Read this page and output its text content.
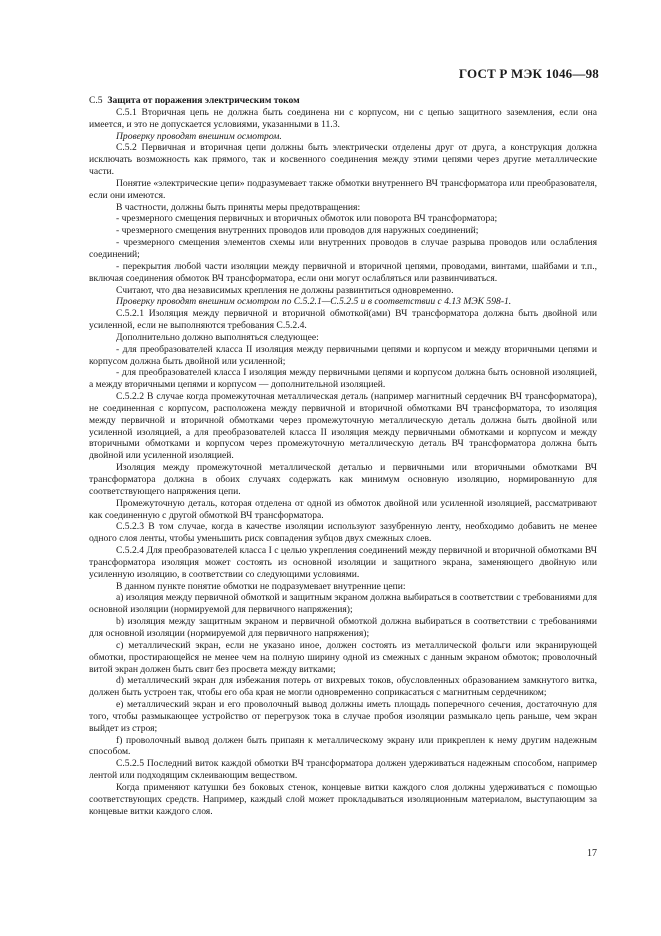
ГОСТ Р МЭК 1046—98

C.5 Защита от поражения электрическим током

C.5.1 Вторичная цепь не должна быть соединена ни с корпусом, ни с цепью защитного заземления, если она имеется, и это не допускается условиями, указанными в 11.3.

Проверку проводят внешним осмотром.

C.5.2 Первичная и вторичная цепи должны быть электрически отделены друг от друга, а конструкция должна исключать возможность как прямого, так и косвенного соединения между этими цепями через другие металлические части.

Понятие «электрические цепи» подразумевает также обмотки внутреннего ВЧ трансформатора или преобразователя, если они имеются.

В частности, должны быть приняты меры предотвращения:

- чрезмерного смещения первичных и вторичных обмоток или поворота ВЧ трансформатора;

- чрезмерного смещения внутренних проводов или проводов для наружных соединений;

- чрезмерного смещения элементов схемы или внутренних проводов в случае разрыва проводов или ослабления соединений;

- перекрытия любой части изоляции между первичной и вторичной цепями, проводами, винтами, шайбами и т.п., включая соединения обмоток ВЧ трансформатора, если они могут ослабляться или развинчиваться.

Считают, что два независимых крепления не должны развинтиться одновременно.

Проверку проводят внешним осмотром по C.5.2.1—C.5.2.5 и в соответствии с 4.13 МЭК 598-1.

C.5.2.1 Изоляция между первичной и вторичной обмоткой(ами) ВЧ трансформатора должна быть двойной или усиленной, если не выполняются требования C.5.2.4.

Дополнительно должно выполняться следующее:

- для преобразователей класса II изоляция между первичными цепями и корпусом и между вторичными цепями и корпусом должна быть двойной или усиленной;

- для преобразователей класса I изоляция между первичными цепями и корпусом должна быть основной изоляцией, а между вторичными цепями и корпусом — дополнительной изоляцией.

C.5.2.2 В случае когда промежуточная металлическая деталь (например магнитный сердечник ВЧ трансформатора), не соединенная с корпусом, расположена между первичной и вторичной обмотками ВЧ трансформатора, то изоляция между первичной и вторичной обмотками через промежуточную металлическую деталь должна быть двойной или усиленной изоляцией, а для преобразователей класса II изоляция между первичными обмотками и корпусом и между вторичными обмотками и корпусом через промежуточную металлическую деталь ВЧ трансформатора должна быть двойной или усиленной изоляцией.

Изоляция между промежуточной металлической деталью и первичными или вторичными обмотками ВЧ трансформатора должна в обоих случаях содержать как минимум основную изоляцию, нормированную для соответствующего напряжения цепи.

Промежуточную деталь, которая отделена от одной из обмоток двойной или усиленной изоляцией, рассматривают как соединенную с другой обмоткой ВЧ трансформатора.

C.5.2.3 В том случае, когда в качестве изоляции используют зазубренную ленту, необходимо добавить не менее одного слоя ленты, чтобы уменьшить риск совпадения зубцов двух смежных слоев.

C.5.2.4 Для преобразователей класса I с целью укрепления соединений между первичной и вторичной обмотками ВЧ трансформатора изоляция может состоять из основной изоляции и защитного экрана, заменяющего двойную или усиленную изоляцию, в соответствии со следующими условиями.

В данном пункте понятие обмотки не подразумевает внутренние цепи:

a) изоляция между первичной обмоткой и защитным экраном должна выбираться в соответствии с требованиями для основной изоляции (нормируемой для первичного напряжения);

b) изоляция между защитным экраном и первичной обмоткой должна выбираться в соответствии с требованиями для основной изоляции (нормируемой для первичного напряжения);

c) металлический экран, если не указано иное, должен состоять из металлической фольги или экранирующей обмотки, простирающейся не менее чем на полную ширину одной из смежных с данным экраном обмоток; проволочный витой экран должен быть свит без просвета между витками;

d) металлический экран для избежания потерь от вихревых токов, обусловленных образованием замкнутого витка, должен быть устроен так, чтобы его оба края не могли одновременно соприкасаться с магнитным сердечником;

e) металлический экран и его проволочный вывод должны иметь площадь поперечного сечения, достаточную для того, чтобы размыкающее устройство от перегрузок тока в случае пробоя изоляции размыкало цепь раньше, чем экран выйдет из строя;

f) проволочный вывод должен быть припаян к металлическому экрану или прикреплен к нему другим надежным способом.

C.5.2.5 Последний виток каждой обмотки ВЧ трансформатора должен удерживаться надежным способом, например лентой или подходящим склеивающим веществом.

Когда применяют катушки без боковых стенок, концевые витки каждого слоя должны удерживаться с помощью соответствующих средств. Например, каждый слой может прокладываться изоляционным материалом, выступающим за концевые витки каждого слоя.

17
